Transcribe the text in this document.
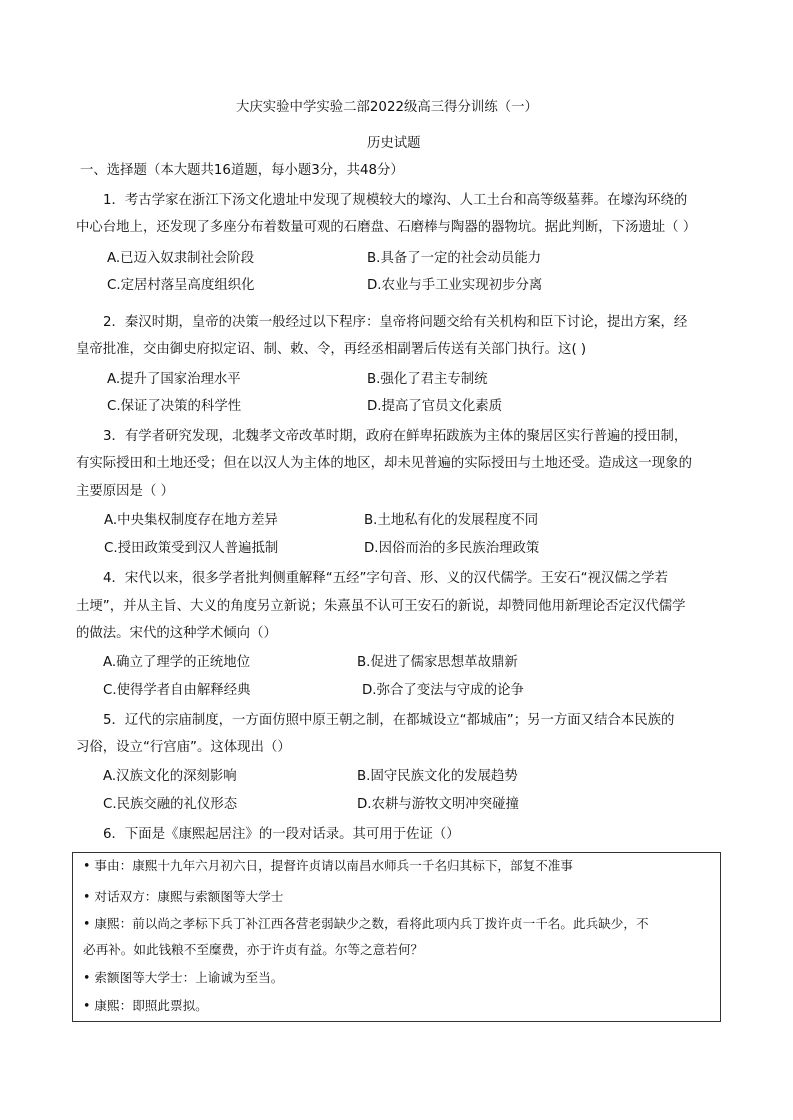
大庆实验中学实验二部2022级高三得分训练（一）
历史试题
一、选择题（本大题共16道题，每小题3分，共48分）
1．考古学家在浙江下汤文化遗址中发现了规模较大的壕沟、人工土台和高等级墓葬。在壕沟环绕的
中心台地上，还发现了多座分布着数量可观的石磨盘、石磨棒与陶器的器物坑。据此判断，下汤遗址（ ）
A.已迈入奴隶制社会阶段	B.具备了一定的社会动员能力
C.定居村落呈高度组织化	D.农业与手工业实现初步分离
2．秦汉时期，皇帝的决策一般经过以下程序：皇帝将问题交给有关机构和臣下讨论，提出方案，经
皇帝批准，交由御史府拟定诏、制、敕、令，再经丞相副署后传送有关部门执行。这( )
A.提升了国家治理水平	B.强化了君主专制统
C.保证了决策的科学性	D.提高了官员文化素质
3．有学者研究发现，北魏孝文帝改革时期，政府在鲜卑拓跋族为主体的聚居区实行普遍的授田制，
有实际授田和土地还受；但在以汉人为主体的地区，却未见普遍的实际授田与土地还受。造成这一现象的
主要原因是（ ）
A.中央集权制度存在地方差异	B.土地私有化的发展程度不同
C.授田政策受到汉人普遍抵制	D.因俗而治的多民族治理政策
4．宋代以来，很多学者批判侧重解释“五经”字句音、形、义的汉代儒学。王安石“视汉儒之学若
土埂”，并从主旨、大义的角度另立新说；朱熹虽不认可王安石的新说，却赞同他用新理论否定汉代儒学
的做法。宋代的这种学术倾向（）
A.确立了理学的正统地位	B.促进了儒家思想革故鼎新
C.使得学者自由解释经典	D.弥合了变法与守成的论争
5．辽代的宗庙制度，一方面仿照中原王朝之制，在都城设立“都城庙”；另一方面又结合本民族的
习俗，设立“行宫庙”。这体现出（）
A.汉族文化的深刻影响	B.固守民族文化的发展趋势
C.民族交融的礼仪形态	D.农耕与游牧文明冲突碰撞
6．下面是《康熙起居注》的一段对话录。其可用于佐证（）
• 事由：康熙十九年六月初六日，提督许贞请以南昌水师兵一千名归其标下，部复不准事
• 对话双方：康熙与索额图等大学士
• 康熙：前以尚之孝标下兵丁补江西各营老弱缺少之数，看将此项内兵丁拨许贞一千名。此兵缺少，不
必再补。如此钱粮不至糜费，亦于许贞有益。尔等之意若何？
• 索额图等大学士：上谕诚为至当。
• 康熙：即照此票拟。
